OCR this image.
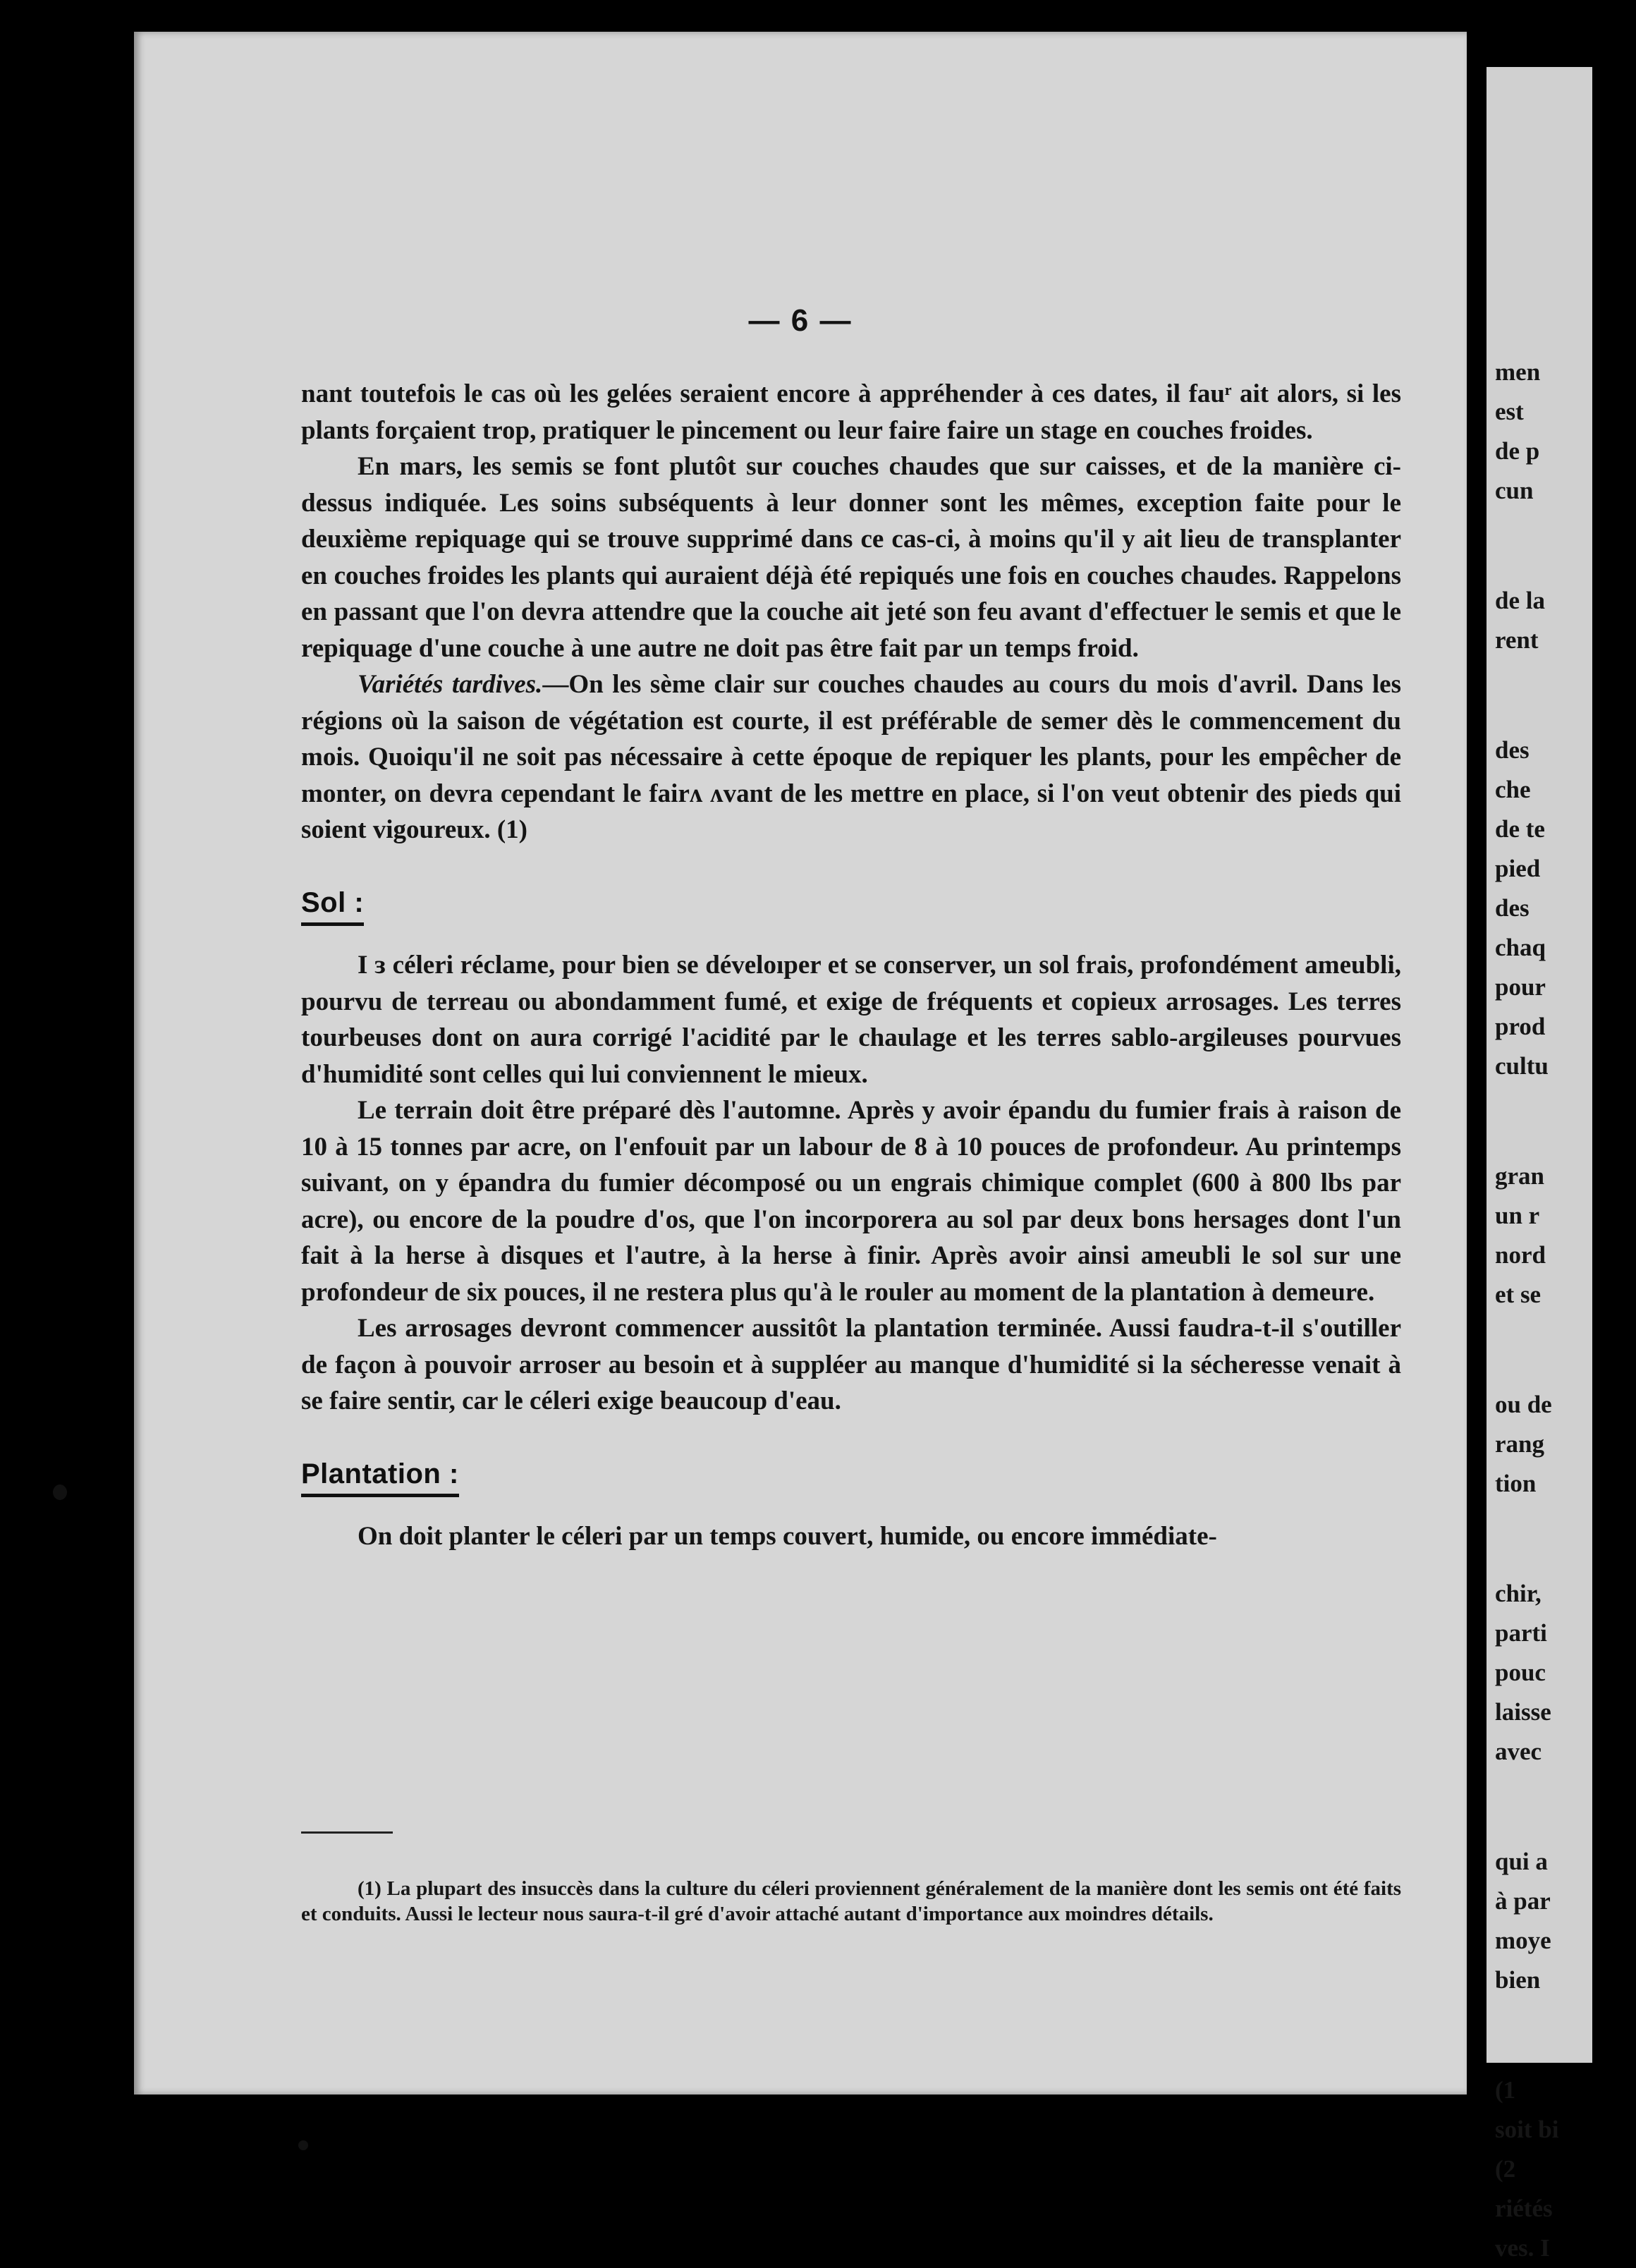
— 6 —

nant toutefois le cas où les gelées seraient encore à appréhender à ces dates, il fauʳ ait alors, si les plants forçaient trop, pratiquer le pincement ou leur faire faire un stage en couches froides.

En mars, les semis se font plutôt sur couches chaudes que sur caisses, et de la manière ci-dessus indiquée. Les soins subséquents à leur donner sont les mêmes, exception faite pour le deuxième repiquage qui se trouve supprimé dans ce cas-ci, à moins qu'il y ait lieu de transplanter en couches froides les plants qui auraient déjà été repiqués une fois en couches chaudes. Rappelons en passant que l'on devra attendre que la couche ait jeté son feu avant d'effectuer le semis et que le repiquage d'une couche à une autre ne doit pas être fait par un temps froid.

Variétés tardives.—On les sème clair sur couches chaudes au cours du mois d'avril. Dans les régions où la saison de végétation est courte, il est préférable de semer dès le commencement du mois. Quoiqu'il ne soit pas nécessaire à cette époque de repiquer les plants, pour les empêcher de monter, on devra cependant le fairʌ ʌvant de les mettre en place, si l'on veut obtenir des pieds qui soient vigoureux. (1)

Sol :

I ɜ céleri réclame, pour bien se déveloıper et se conserver, un sol frais, profondément ameubli, pourvu de terreau ou abondamment fumé, et exige de fréquents et copieux arrosages. Les terres tourbeuses dont on aura corrigé l'acidité par le chaulage et les terres sablo-argileuses pourvues d'humidité sont celles qui lui conviennent le mieux.

Le terrain doit être préparé dès l'automne. Après y avoir épandu du fumier frais à raison de 10 à 15 tonnes par acre, on l'enfouit par un labour de 8 à 10 pouces de profondeur. Au printemps suivant, on y épandra du fumier décomposé ou un engrais chimique complet (600 à 800 lbs par acre), ou encore de la poudre d'os, que l'on incorporera au sol par deux bons hersages dont l'un fait à la herse à disques et l'autre, à la herse à finir. Après avoir ainsi ameubli le sol sur une profondeur de six pouces, il ne restera plus qu'à le rouler au moment de la plantation à demeure.

Les arrosages devront commencer aussitôt la plantation terminée. Aussi faudra-t-il s'outiller de façon à pouvoir arroser au besoin et à suppléer au manque d'humidité si la sécheresse venait à se faire sentir, car le céleri exige beaucoup d'eau.

Plantation :

On doit planter le céleri par un temps couvert, humide, ou encore immédiate-

(1) La plupart des insuccès dans la culture du céleri proviennent généralement de la manière dont les semis ont été faits et conduits. Aussi le lecteur nous saura-t-il gré d'avoir attaché autant d'importance aux moindres détails.
men
est
de p
cun
de la
rent
des
che
de te
pied
des
chaq
pour
prod
cultu
gran
un r
nord
et se
ou de
rang
tion
chir,
parti
pouc
laisse
avec
qui a
à par
moye
bien
(1
soit bi
(2
riétés
ves. I
